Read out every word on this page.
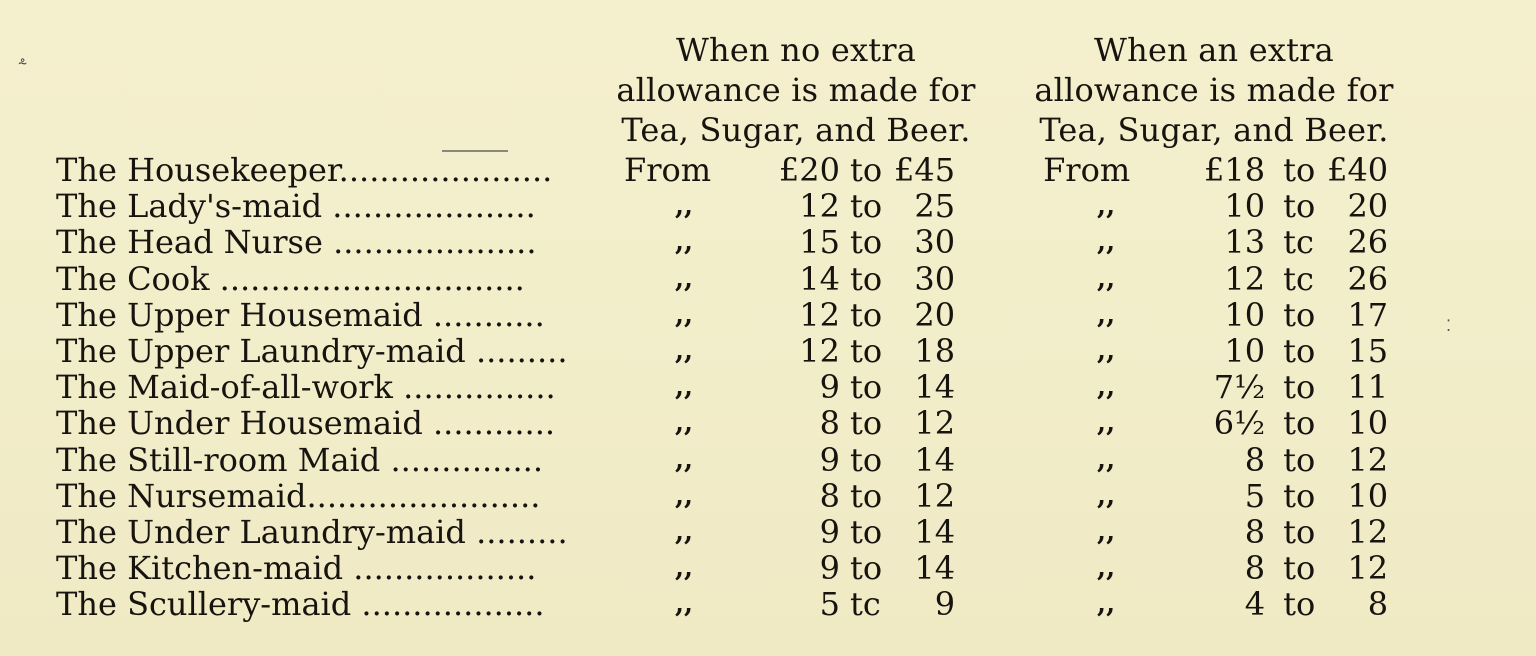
⸛
⁚
When no extra
allowance is made for
Tea, Sugar, and Beer.
When an extra
allowance is made for
Tea, Sugar, and Beer.
The Housekeeper.....................	From	£20	to	£45		From	£18	to	£40
The Lady's-maid ....................	,,	12	to	25		,,	10	to	20
The Head Nurse ....................	,,	15	to	30		,,	13	tc	26
The Cook ..............................	,,	14	to	30		,,	12	tc	26
The Upper Housemaid ...........	,,	12	to	20		,,	10	to	17
The Upper Laundry-maid .........	,,	12	to	18		,,	10	to	15
The Maid-of-all-work ...............	,,	9	to	14		,,	7½	to	11
The Under Housemaid ............	,,	8	to	12		,,	6½	to	10
The Still-room Maid ...............	,,	9	to	14		,,	8	to	12
The Nursemaid.......................	,,	8	to	12		,,	5	to	10
The Under Laundry-maid .........	,,	9	to	14		,,	8	to	12
The Kitchen-maid ..................	,,	9	to	14		,,	8	to	12
The Scullery-maid ..................	,,	5	tc	9		,,	4	to	8
